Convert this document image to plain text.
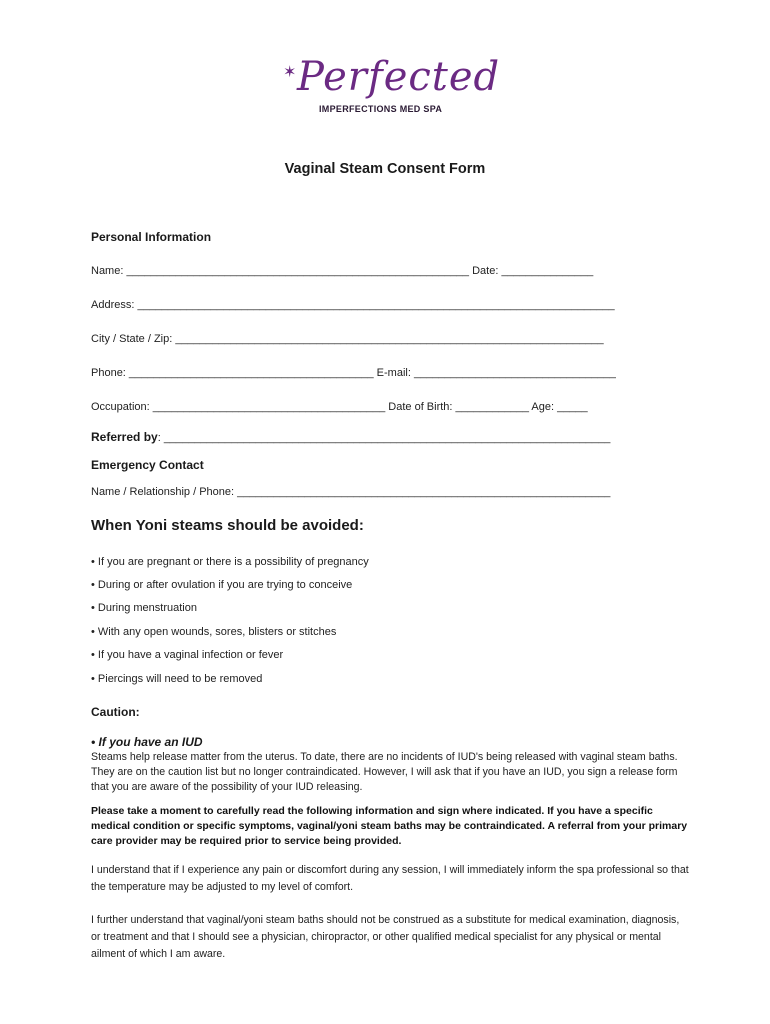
✶ Perfected
IMPERFECTIONS MED SPA
Vaginal Steam Consent Form
Personal Information
Name: ________________________________________________________ Date: _______________
Address: ______________________________________________________________________________
City / State / Zip: ______________________________________________________________________
Phone: ________________________________________ E-mail: _________________________________
Occupation: ______________________________________ Date of Birth: ____________ Age: _____
Referred by: _________________________________________________________________________
Emergency Contact
Name / Relationship / Phone: _____________________________________________________________
When Yoni steams should be avoided:
• If you are pregnant or there is a possibility of pregnancy
• During or after ovulation if you are trying to conceive
• During menstruation
• With any open wounds, sores, blisters or stitches
• If you have a vaginal infection or fever
• Piercings will need to be removed
Caution:
• If you have an IUD
Steams help release matter from the uterus. To date, there are no incidents of IUD's being released with vaginal steam baths. They are on the caution list but no longer contraindicated. However, I will ask that if you have an IUD, you sign a release form that you are aware of the possibility of your IUD releasing.
Please take a moment to carefully read the following information and sign where indicated. If you have a specific medical condition or specific symptoms, vaginal/yoni steam baths may be contraindicated. A referral from your primary care provider may be required prior to service being provided.
I understand that if I experience any pain or discomfort during any session, I will immediately inform the spa professional so that the temperature may be adjusted to my level of comfort.
I further understand that vaginal/yoni steam baths should not be construed as a substitute for medical examination, diagnosis, or treatment and that I should see a physician, chiropractor, or other qualified medical specialist for any physical or mental ailment of which I am aware.
